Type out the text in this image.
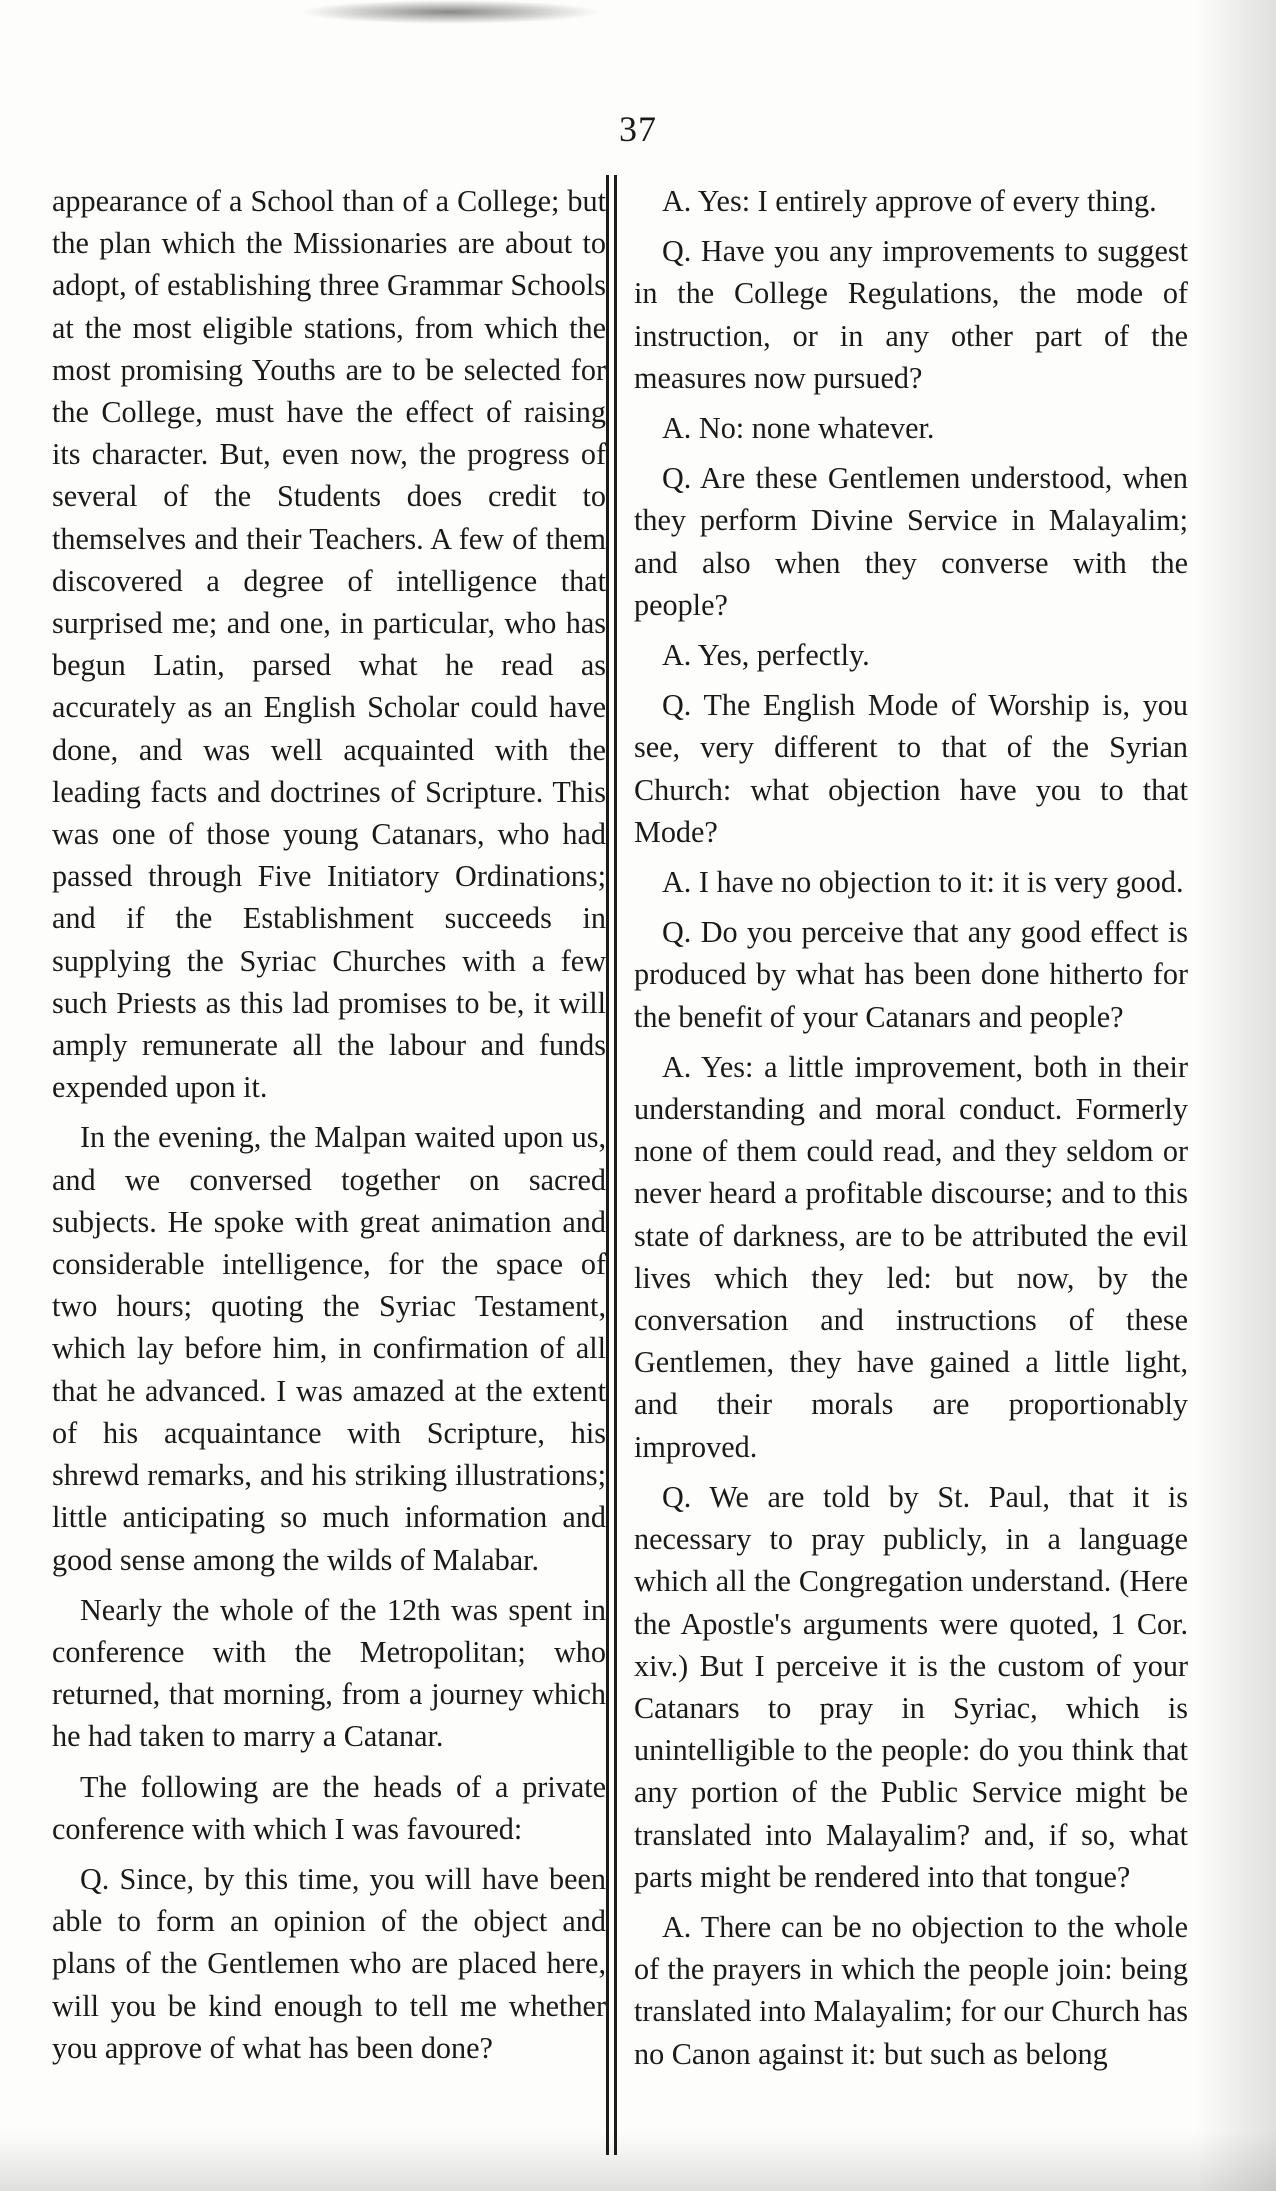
37

appearance of a School than of a College; but the plan which the Missionaries are about to adopt, of establishing three Grammar Schools at the most eligible stations, from which the most promising Youths are to be selected for the College, must have the effect of raising its character. But, even now, the progress of several of the Students does credit to themselves and their Teachers. A few of them discovered a degree of intelligence that surprised me; and one, in particular, who has begun Latin, parsed what he read as accurately as an English Scholar could have done, and was well acquainted with the leading facts and doctrines of Scripture. This was one of those young Catanars, who had passed through Five Initiatory Ordinations; and if the Establishment succeeds in supplying the Syriac Churches with a few such Priests as this lad promises to be, it will amply remunerate all the labour and funds expended upon it.

In the evening, the Malpan waited upon us, and we conversed together on sacred subjects. He spoke with great animation and considerable intelligence, for the space of two hours; quoting the Syriac Testament, which lay before him, in confirmation of all that he advanced. I was amazed at the extent of his acquaintance with Scripture, his shrewd remarks, and his striking illustrations; little anticipating so much information and good sense among the wilds of Malabar.

Nearly the whole of the 12th was spent in conference with the Metropolitan; who returned, that morning, from a journey which he had taken to marry a Catanar.

The following are the heads of a private conference with which I was favoured:

Q. Since, by this time, you will have been able to form an opinion of the object and plans of the Gentlemen who are placed here, will you be kind enough to tell me whether you approve of what has been done?

A. Yes: I entirely approve of every thing.

Q. Have you any improvements to suggest in the College Regulations, the mode of instruction, or in any other part of the measures now pursued?

A. No: none whatever.

Q. Are these Gentlemen understood, when they perform Divine Service in Malayalim; and also when they converse with the people?

A. Yes, perfectly.

Q. The English Mode of Worship is, you see, very different to that of the Syrian Church: what objection have you to that Mode?

A. I have no objection to it: it is very good.

Q. Do you perceive that any good effect is produced by what has been done hitherto for the benefit of your Catanars and people?

A. Yes: a little improvement, both in their understanding and moral conduct. Formerly none of them could read, and they seldom or never heard a profitable discourse; and to this state of darkness, are to be attributed the evil lives which they led: but now, by the conversation and instructions of these Gentlemen, they have gained a little light, and their morals are proportionably improved.

Q. We are told by St. Paul, that it is necessary to pray publicly, in a language which all the Congregation understand. (Here the Apostle's arguments were quoted, 1 Cor. xiv.) But I perceive it is the custom of your Catanars to pray in Syriac, which is unintelligible to the people: do you think that any portion of the Public Service might be translated into Malayalim? and, if so, what parts might be rendered into that tongue?

A. There can be no objection to the whole of the prayers in which the people join: being translated into Malayalim; for our Church has no Canon against it: but such as belong
